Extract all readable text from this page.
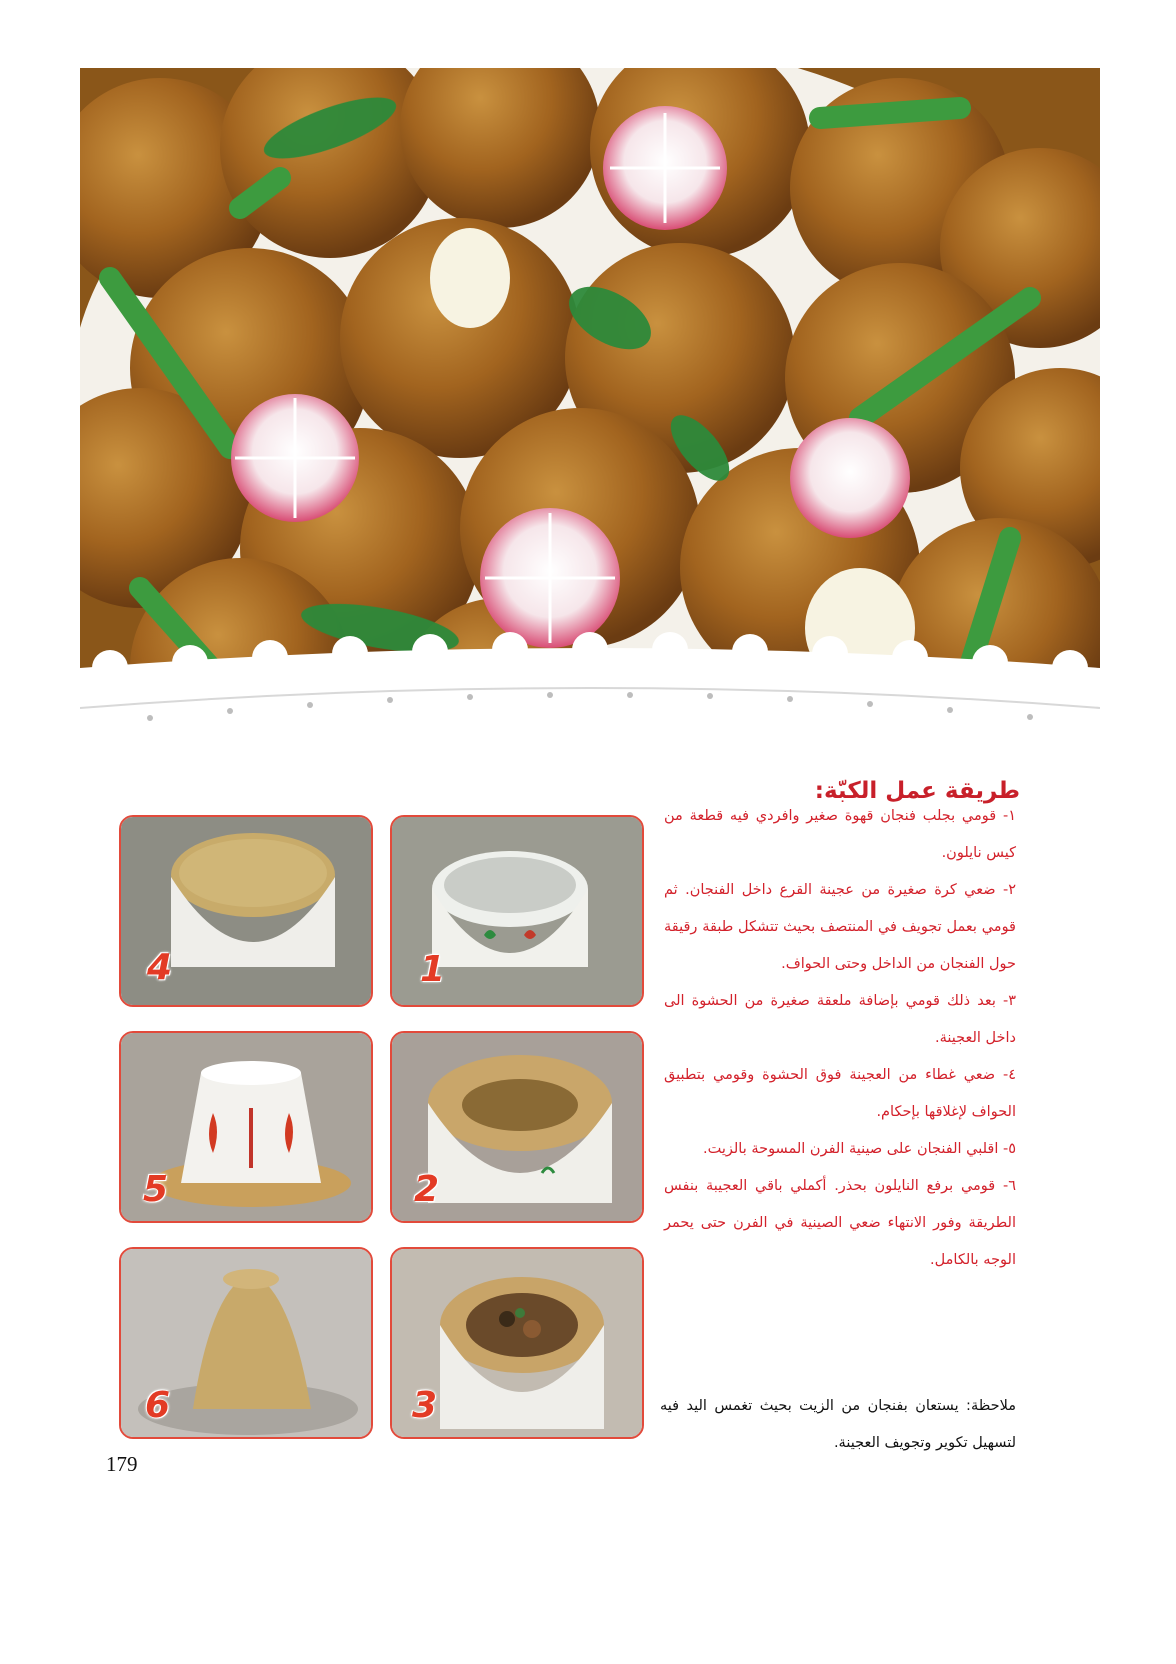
طريقة عمل الكبّة:

١- قومي بجلب فنجان قهوة صغير وافردي فيه قطعة من كيس نايلون.

٢- ضعي كرة صغيرة من عجينة القرع داخل الفنجان. ثم قومي بعمل تجويف في المنتصف بحيث تتشكل طبقة رقيقة حول الفنجان من الداخل وحتى الحواف.

٣- بعد ذلك قومي بإضافة ملعقة صغيرة من الحشوة الى داخل العجينة.

٤- ضعي غطاء من العجينة فوق الحشوة وقومي بتطبيق الحواف لإغلاقها بإحكام.

٥- اقلبي الفنجان على صينية الفرن المسوحة بالزيت.

٦- قومي برفع النايلون بحذر. أكملي باقي العجيبة بنفس الطريقة وفور الانتهاء ضعي الصينية في الفرن حتى يحمر الوجه بالكامل.

ملاحظة: يستعان بفنجان من الزيت بحيث تغمس اليد فيه لتسهيل تكوير وتجويف العجينة.

1
2
3
4
5
6
179
